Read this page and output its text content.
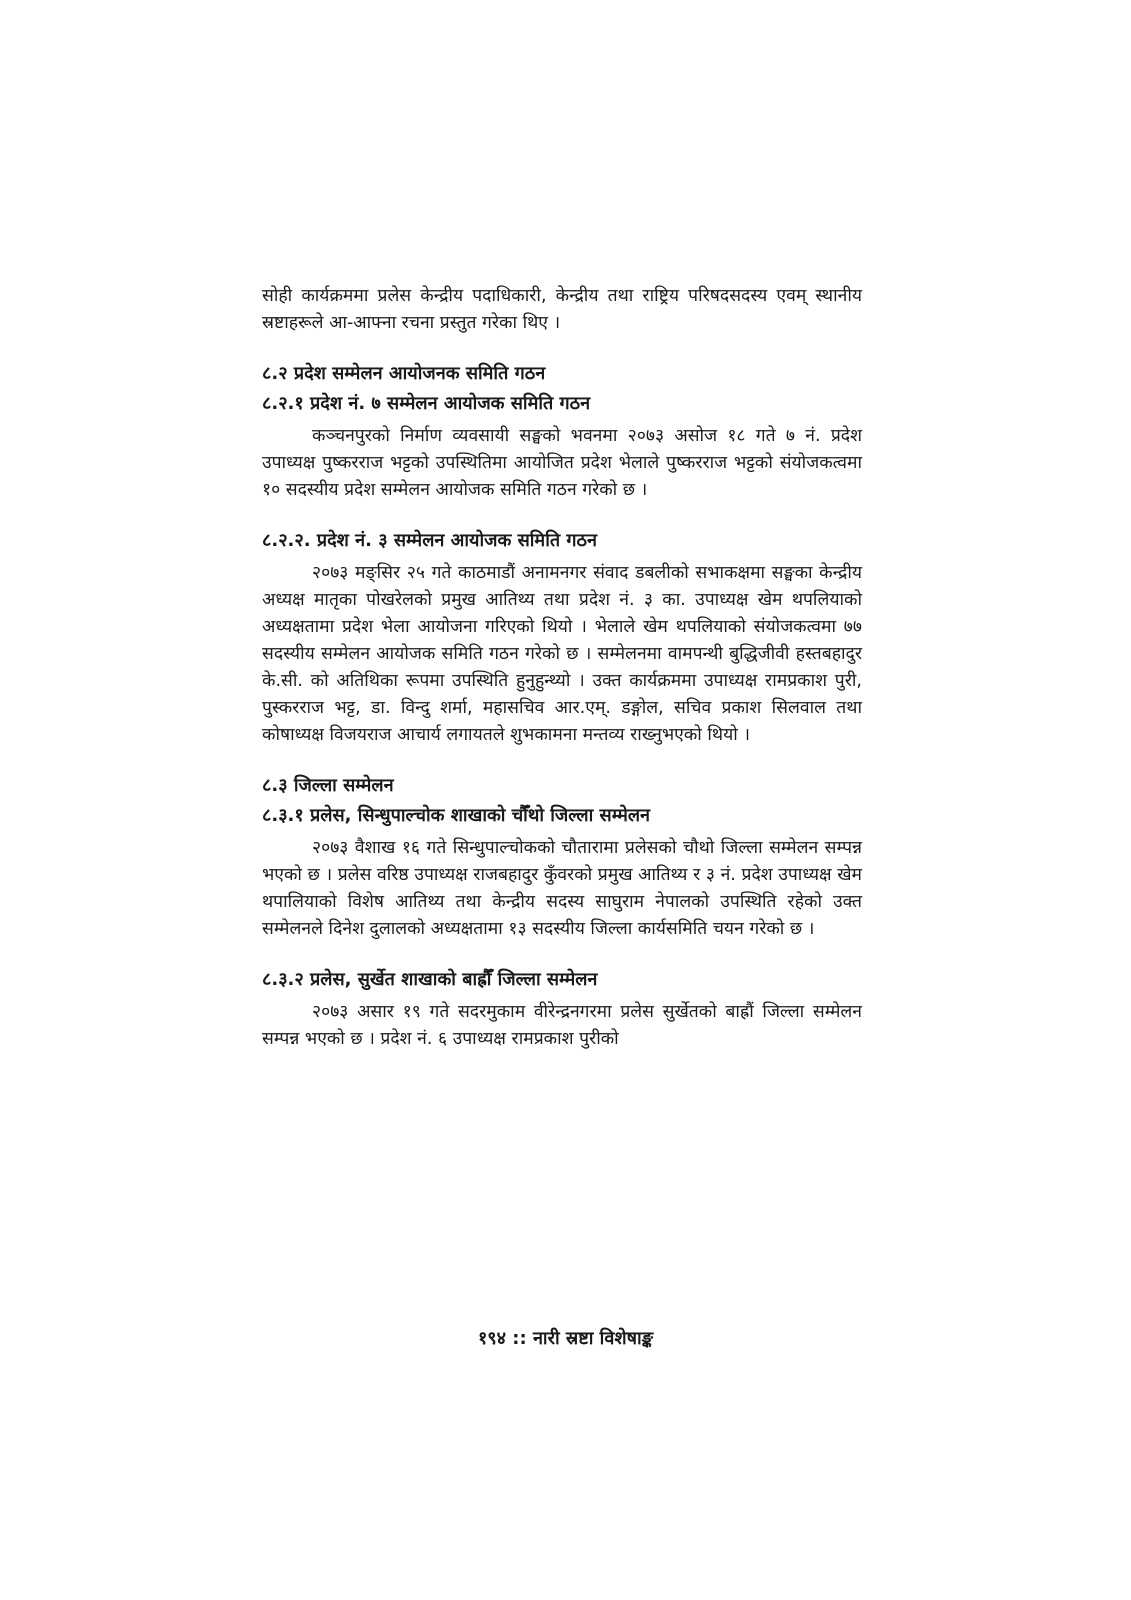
सोही कार्यक्रममा प्रलेस केन्द्रीय पदाधिकारी, केन्द्रीय तथा राष्ट्रिय परिषदसदस्य एवम् स्थानीय स्रष्टाहरूले आ-आफ्ना रचना प्रस्तुत गरेका थिए ।

८.२ प्रदेश सम्मेलन आयोजनक समिति गठन
८.२.१ प्रदेश नं. ७ सम्मेलन आयोजक समिति गठन

कञ्चनपुरको निर्माण व्यवसायी सङ्घको भवनमा २०७३ असोज १८ गते ७ नं. प्रदेश उपाध्यक्ष पुष्करराज भट्टको उपस्थितिमा आयोजित प्रदेश भेलाले पुष्करराज भट्टको संयोजकत्वमा १० सदस्यीय प्रदेश सम्मेलन आयोजक समिति गठन गरेको छ ।

८.२.२. प्रदेश नं. ३ सम्मेलन आयोजक समिति गठन

२०७३ मङ्सिर २५ गते काठमाडौं अनामनगर संवाद डबलीको सभाकक्षमा सङ्घका केन्द्रीय अध्यक्ष मातृका पोखरेलको प्रमुख आतिथ्य तथा प्रदेश नं. ३ का. उपाध्यक्ष खेम थपलियाको अध्यक्षतामा प्रदेश भेला आयोजना गरिएको थियो । भेलाले खेम थपलियाको संयोजकत्वमा ७७ सदस्यीय सम्मेलन आयोजक समिति गठन गरेको छ । सम्मेलनमा वामपन्थी बुद्धिजीवी हस्तबहादुर के.सी. को अतिथिका रूपमा उपस्थिति हुनुहुन्थ्यो । उक्त कार्यक्रममा उपाध्यक्ष रामप्रकाश पुरी, पुस्करराज भट्ट, डा. विन्दु शर्मा, महासचिव आर.एम्. डङ्गोल, सचिव प्रकाश सिलवाल तथा कोषाध्यक्ष विजयराज आचार्य लगायतले शुभकामना मन्तव्य राख्नुभएको थियो ।

८.३ जिल्ला सम्मेलन
८.३.१ प्रलेस, सिन्धुपाल्चोक शाखाको चौँथो जिल्ला सम्मेलन

२०७३ वैशाख १६ गते सिन्धुपाल्चोकको चौतारामा प्रलेसको चौथो जिल्ला सम्मेलन सम्पन्न भएको छ । प्रलेस वरिष्ठ उपाध्यक्ष राजबहादुर कुँवरको प्रमुख आतिथ्य र ३ नं. प्रदेश उपाध्यक्ष खेम थपालियाको विशेष आतिथ्य तथा केन्द्रीय सदस्य साघुराम नेपालको उपस्थिति रहेको उक्त सम्मेलनले दिनेश दुलालको अध्यक्षतामा १३ सदस्यीय जिल्ला कार्यसमिति चयन गरेको छ ।

८.३.२ प्रलेस, सुर्खेत शाखाको बाह्रौँ जिल्ला सम्मेलन

२०७३ असार १९ गते सदरमुकाम वीरेन्द्रनगरमा प्रलेस सुर्खेतको बाह्रौं जिल्ला सम्मेलन सम्पन्न भएको छ । प्रदेश नं. ६ उपाध्यक्ष रामप्रकाश पुरीको

१९४ :: नारी स्रष्टा विशेषाङ्क
